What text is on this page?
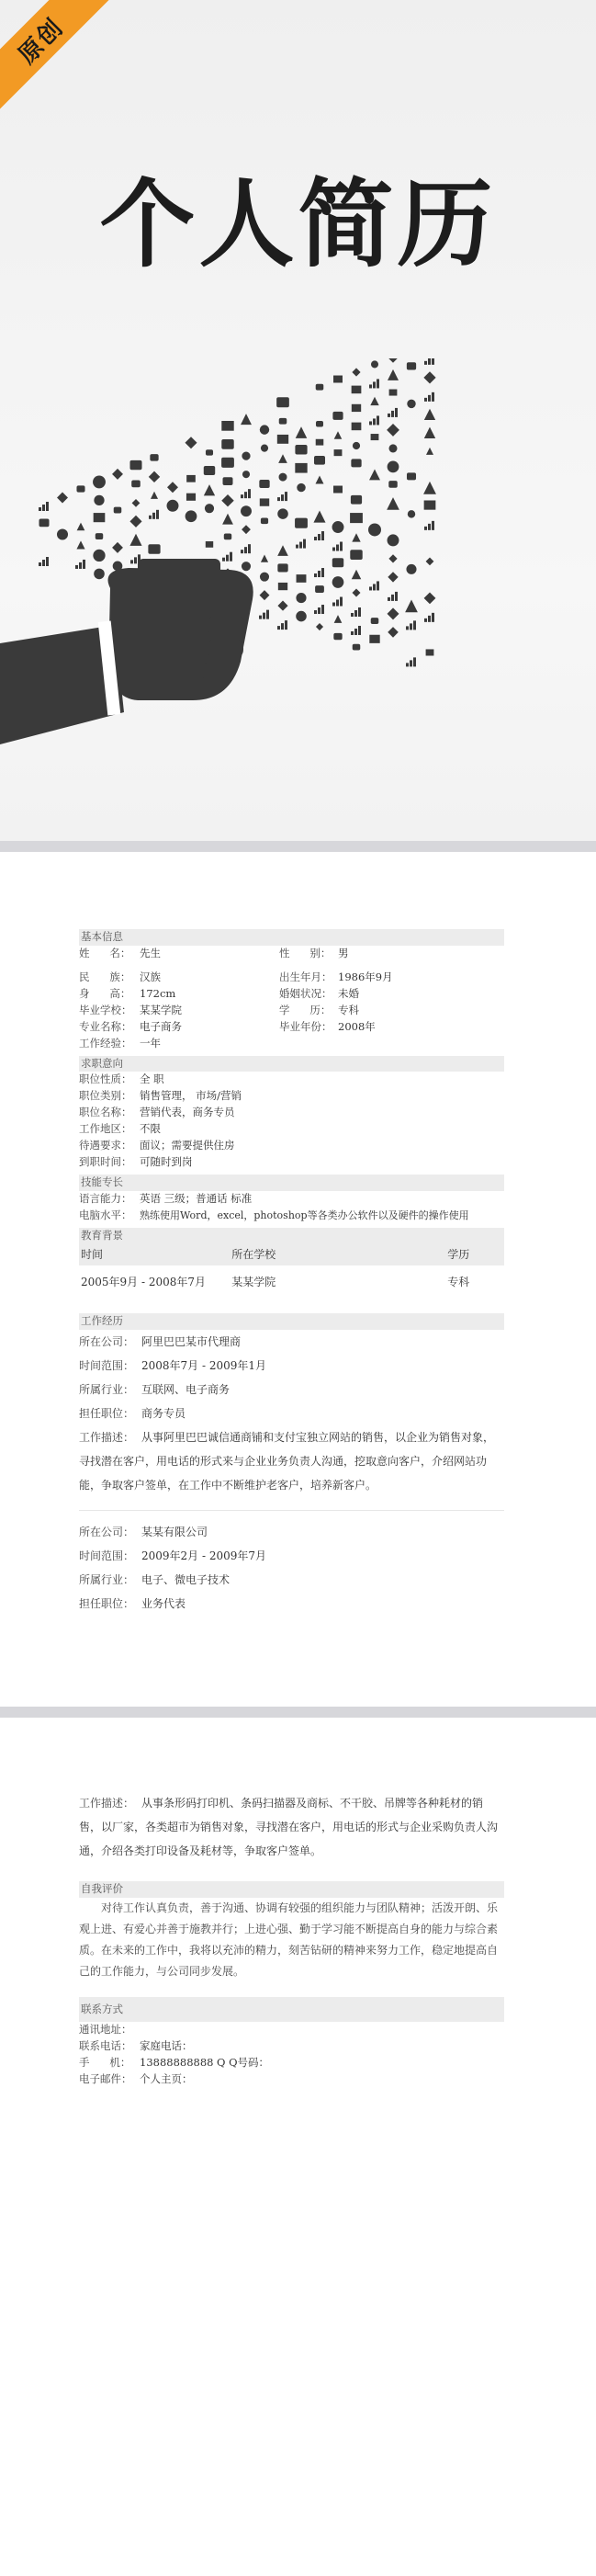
原创
个人简历
基本信息
姓      名： 先生	性      别： 男
民      族： 汉族	出生年月： 1986年9月
身      高： 172cm	婚姻状况： 未婚
毕业学校： 某某学院	学      历： 专科
专业名称： 电子商务	毕业年份： 2008年
工作经验： 一年
求职意向
职位性质： 全 职
职位类别： 销售管理， 市场/营销
职位名称： 营销代表，商务专员
工作地区： 不限
待遇要求： 面议；需要提供住房
到职时间： 可随时到岗
技能专长
语言能力： 英语 三级；普通话 标准
电脑水平： 熟练使用Word，excel，photoshop等各类办公软件以及硬件的操作使用
教育背景
时间	所在学校	学历
2005年9月 - 2008年7月	某某学院	专科
工作经历
所在公司： 阿里巴巴某市代理商
时间范围： 2008年7月 - 2009年1月
所属行业： 互联网、电子商务
担任职位： 商务专员
工作描述： 从事阿里巴巴诚信通商铺和支付宝独立网站的销售，以企业为销售对象，寻找潜在客户，用电话的形式来与企业业务负责人沟通，挖取意向客户，介绍网站功能，争取客户签单，在工作中不断维护老客户，培养新客户。
所在公司： 某某有限公司
时间范围： 2009年2月 - 2009年7月
所属行业： 电子、微电子技术
担任职位： 业务代表
工作描述： 从事条形码打印机、条码扫描器及商标、不干胶、吊牌等各种耗材的销售，以厂家，各类超市为销售对象，寻找潜在客户，用电话的形式与企业采购负责人沟通，介绍各类打印设备及耗材等，争取客户签单。
自我评价
对待工作认真负责，善于沟通、协调有较强的组织能力与团队精神；活泼开朗、乐观上进、有爱心并善于施教并行；上进心强、勤于学习能不断提高自身的能力与综合素质。在未来的工作中，我将以充沛的精力，刻苦钻研的精神来努力工作，稳定地提高自己的工作能力，与公司同步发展。
联系方式
通讯地址：
联系电话： 家庭电话：
手      机： 13888888888 Q Q号码：
电子邮件： 个人主页：
